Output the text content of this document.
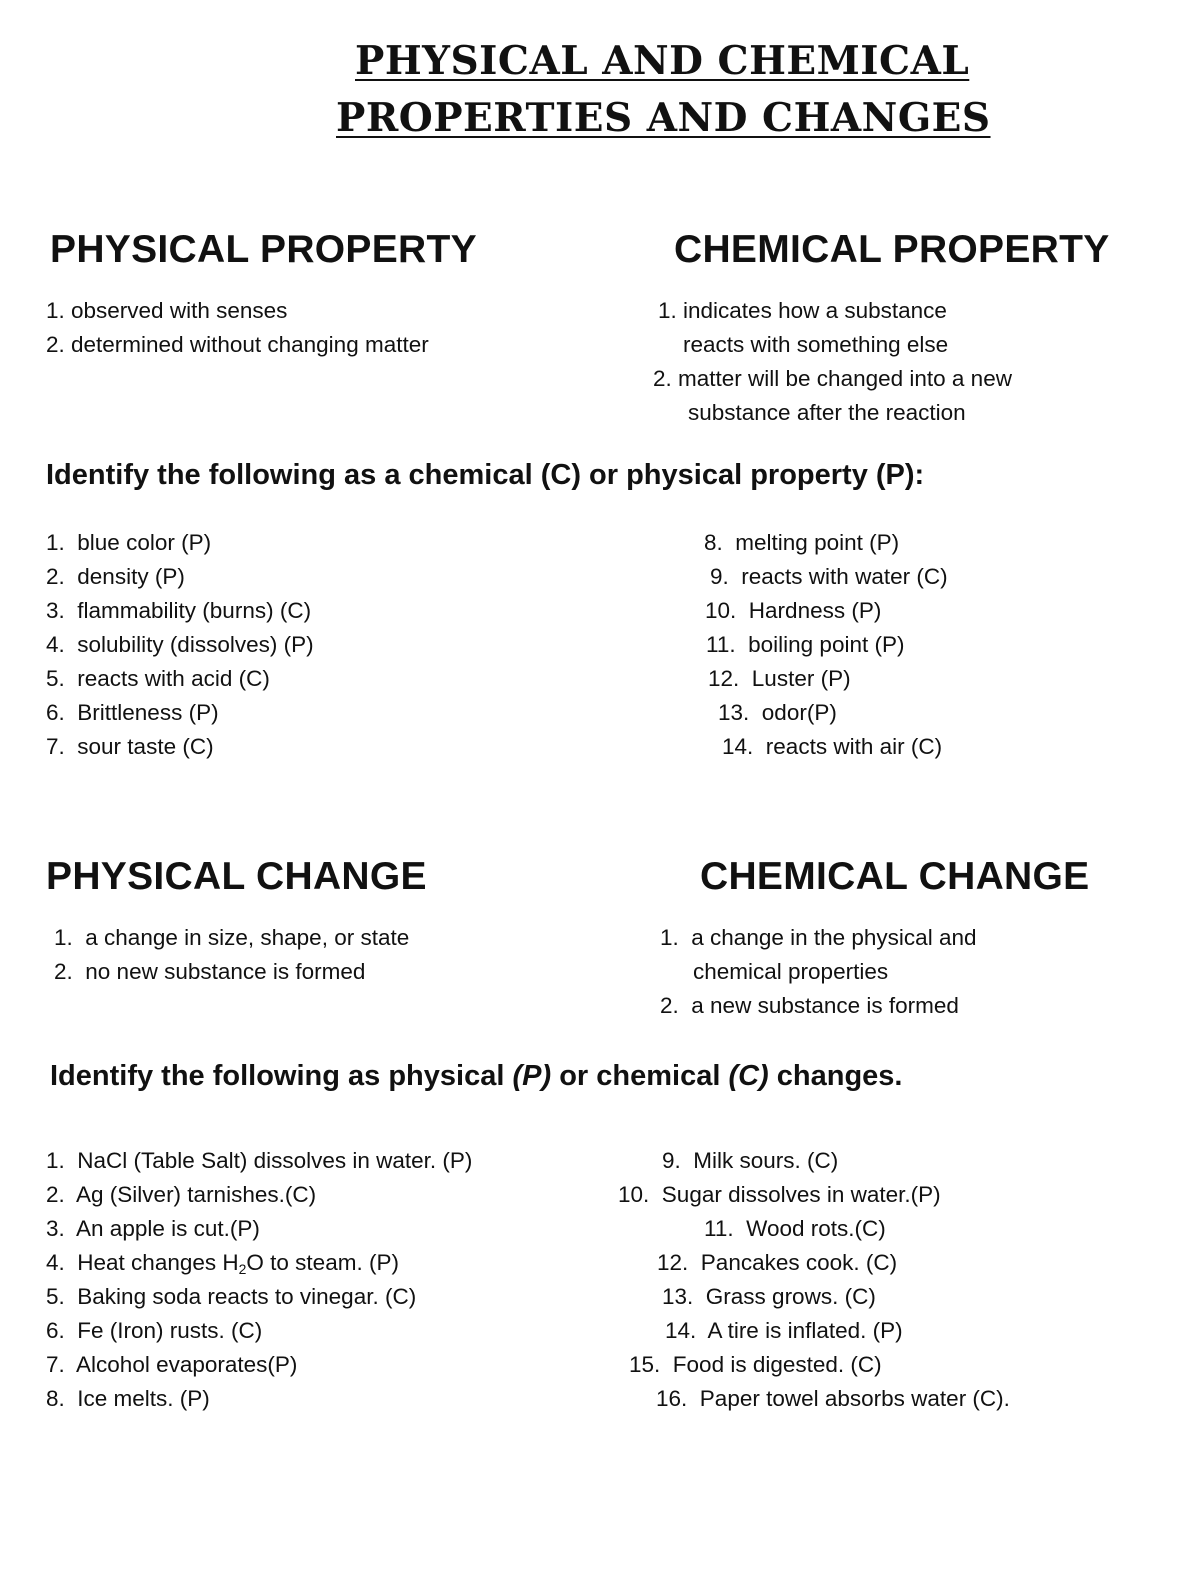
PHYSICAL AND CHEMICAL
PROPERTIES AND CHANGES
PHYSICAL PROPERTY	CHEMICAL PROPERTY
1. observed with senses
2. determined without changing matter
1. indicates how a substance
reacts with something else
2. matter will be changed into a new
substance after the reaction
Identify the following as a chemical (C) or physical property (P):
1. blue color (P)
2. density (P)
3. flammability (burns) (C)
4. solubility (dissolves) (P)
5. reacts with acid (C)
6. Brittleness (P)
7. sour taste (C)
8. melting point (P)
9. reacts with water (C)
10. Hardness (P)
11. boiling point (P)
12. Luster (P)
13. odor(P)
14. reacts with air (C)
PHYSICAL CHANGE	CHEMICAL CHANGE
1. a change in size, shape, or state
2. no new substance is formed
1. a change in the physical and
chemical properties
2. a new substance is formed
Identify the following as physical (P) or chemical (C) changes.
1. NaCl (Table Salt) dissolves in water. (P)
2. Ag (Silver) tarnishes.(C)
3. An apple is cut.(P)
4. Heat changes $H_2O$ to steam. (P)
5. Baking soda reacts to vinegar. (C)
6. Fe (Iron) rusts. (C)
7. Alcohol evaporates(P)
8. Ice melts. (P)
9. Milk sours. (C)
10. Sugar dissolves in water.(P)
11. Wood rots.(C)
12. Pancakes cook. (C)
13. Grass grows. (C)
14. A tire is inflated. (P)
15. Food is digested. (C)
16. Paper towel absorbs water (C).
